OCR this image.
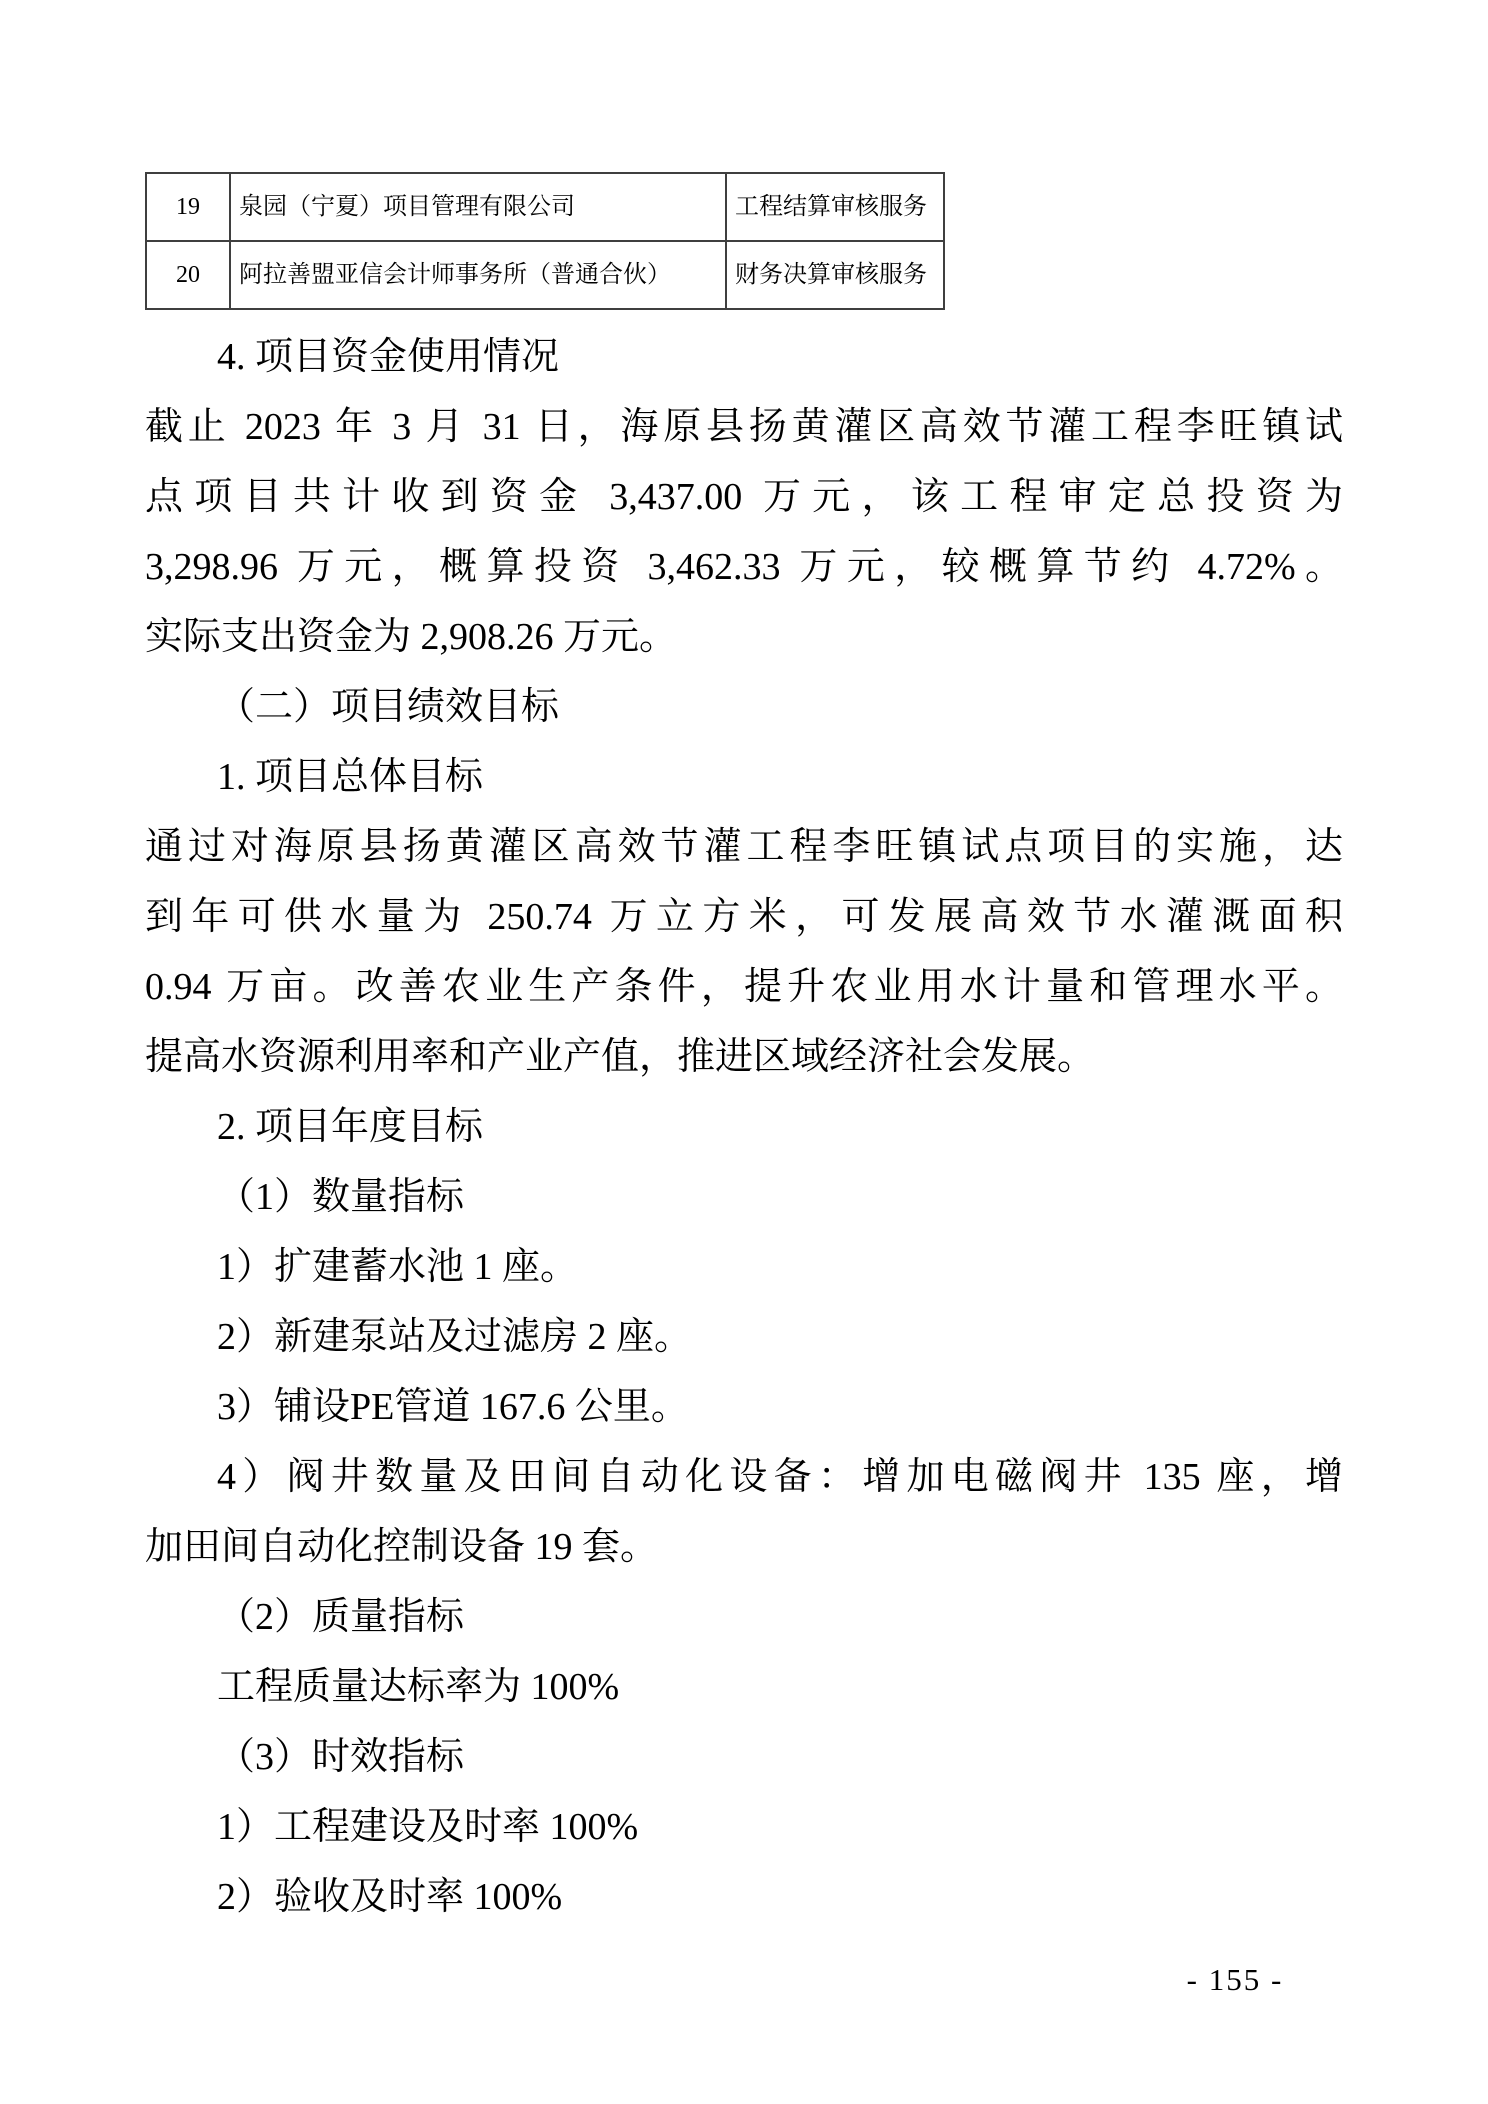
19	泉园（宁夏）项目管理有限公司	工程结算审核服务
20	阿拉善盟亚信会计师事务所（普通合伙）	财务决算审核服务
4. 项目资金使用情况
截止 2023 年 3 月 31 日，海原县扬黄灌区高效节灌工程李旺镇试
点项目共计收到资金 3,437.00 万元，该工程审定总投资为
3,298.96 万元，概算投资 3,462.33 万元，较概算节约 4.72%。
实际支出资金为 2,908.26 万元。
（二）项目绩效目标
1. 项目总体目标
通过对海原县扬黄灌区高效节灌工程李旺镇试点项目的实施，达
到年可供水量为 250.74 万立方米，可发展高效节水灌溉面积
0.94 万亩。改善农业生产条件，提升农业用水计量和管理水平。
提高水资源利用率和产业产值，推进区域经济社会发展。
2. 项目年度目标
（1）数量指标
1）扩建蓄水池 1 座。
2）新建泵站及过滤房 2 座。
3）铺设PE管道 167.6 公里。
4）阀井数量及田间自动化设备：增加电磁阀井 135 座，增
加田间自动化控制设备 19 套。
（2）质量指标
工程质量达标率为 100%
（3）时效指标
1）工程建设及时率 100%
2）验收及时率 100%
- 155 -
